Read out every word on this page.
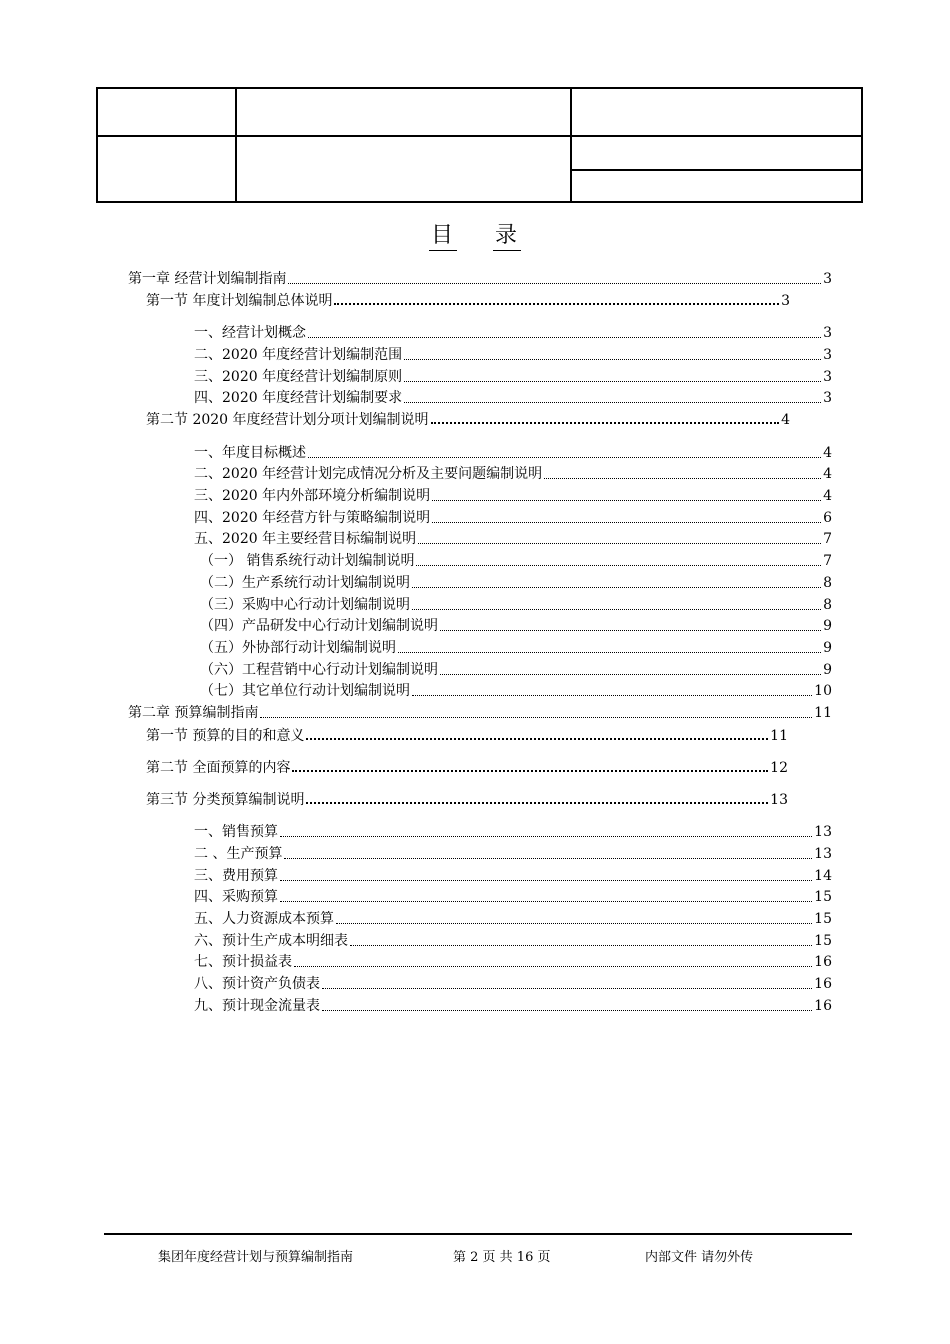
目 录
第一章 经营计划编制指南	3
第一节 年度计划编制总体说明	3
一、经营计划概念	3
二、2020 年度经营计划编制范围	3
三、2020 年度经营计划编制原则	3
四、2020 年度经营计划编制要求	3
第二节 2020 年度经营计划分项计划编制说明	4
一、年度目标概述	4
二、2020 年经营计划完成情况分析及主要问题编制说明	4
三、2020 年内外部环境分析编制说明	4
四、2020 年经营方针与策略编制说明	6
五、2020 年主要经营目标编制说明	7
（一） 销售系统行动计划编制说明	7
（二）生产系统行动计划编制说明	8
（三）采购中心行动计划编制说明	8
（四）产品研发中心行动计划编制说明	9
（五）外协部行动计划编制说明	9
（六）工程营销中心行动计划编制说明	9
（七）其它单位行动计划编制说明	10
第二章 预算编制指南	11
第一节 预算的目的和意义	11
第二节 全面预算的内容	12
第三节 分类预算编制说明	13
一、销售预算	13
二 、生产预算	13
三、费用预算	14
四、采购预算	15
五、人力资源成本预算	15
六、预计生产成本明细表	15
七、预计损益表	16
八、预计资产负债表	16
九、预计现金流量表	16
集团年度经营计划与预算编制指南	第 2 页 共 16 页	内部文件 请勿外传
